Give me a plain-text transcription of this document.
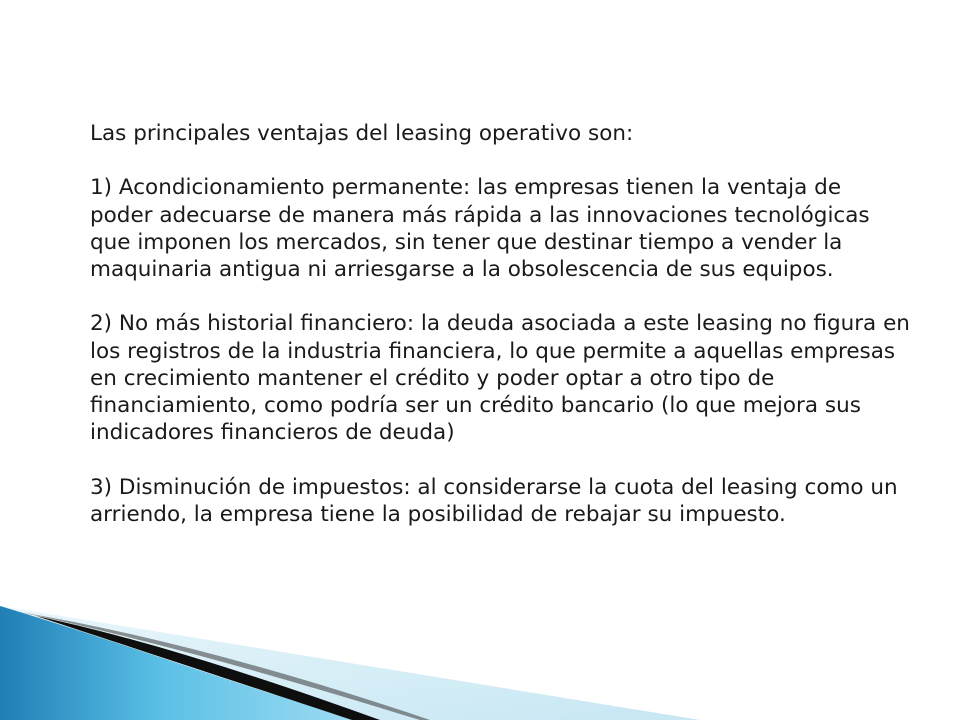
Las principales ventajas del leasing operativo son:

1) Acondicionamiento permanente: las empresas tienen la ventaja de poder adecuarse de manera más rápida a las innovaciones tecnológicas que imponen los mercados, sin tener que destinar tiempo a vender la maquinaria antigua ni arriesgarse a la obsolescencia de sus equipos.

2) No más historial financiero: la deuda asociada a este leasing no figura en los registros de la industria financiera, lo que permite a aquellas empresas en crecimiento mantener el crédito y poder optar a otro tipo de financiamiento, como podría ser un crédito bancario (lo que mejora sus indicadores financieros de deuda)

3) Disminución de impuestos: al considerarse la cuota del leasing como un arriendo, la empresa tiene la posibilidad de rebajar su impuesto.
